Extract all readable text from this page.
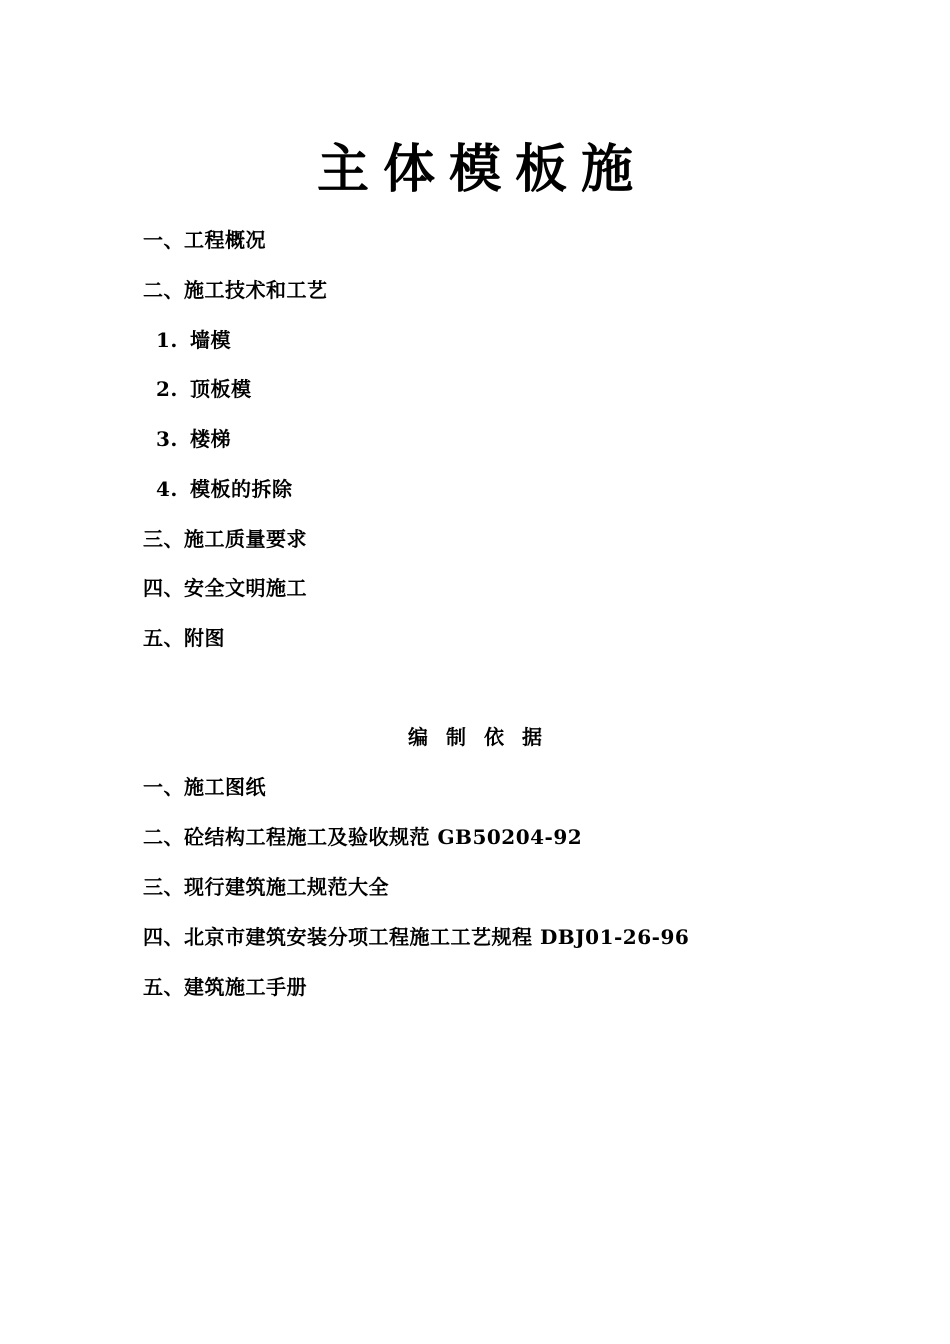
主体模板施
一、工程概况
二、施工技术和工艺
1. 墙模
2. 顶板模
3. 楼梯
4. 模板的拆除
三、施工质量要求
四、安全文明施工
五、附图
编制依据
一、施工图纸
二、砼结构工程施工及验收规范 GB50204-92
三、现行建筑施工规范大全
四、北京市建筑安装分项工程施工工艺规程 DBJ01-26-96
五、建筑施工手册
